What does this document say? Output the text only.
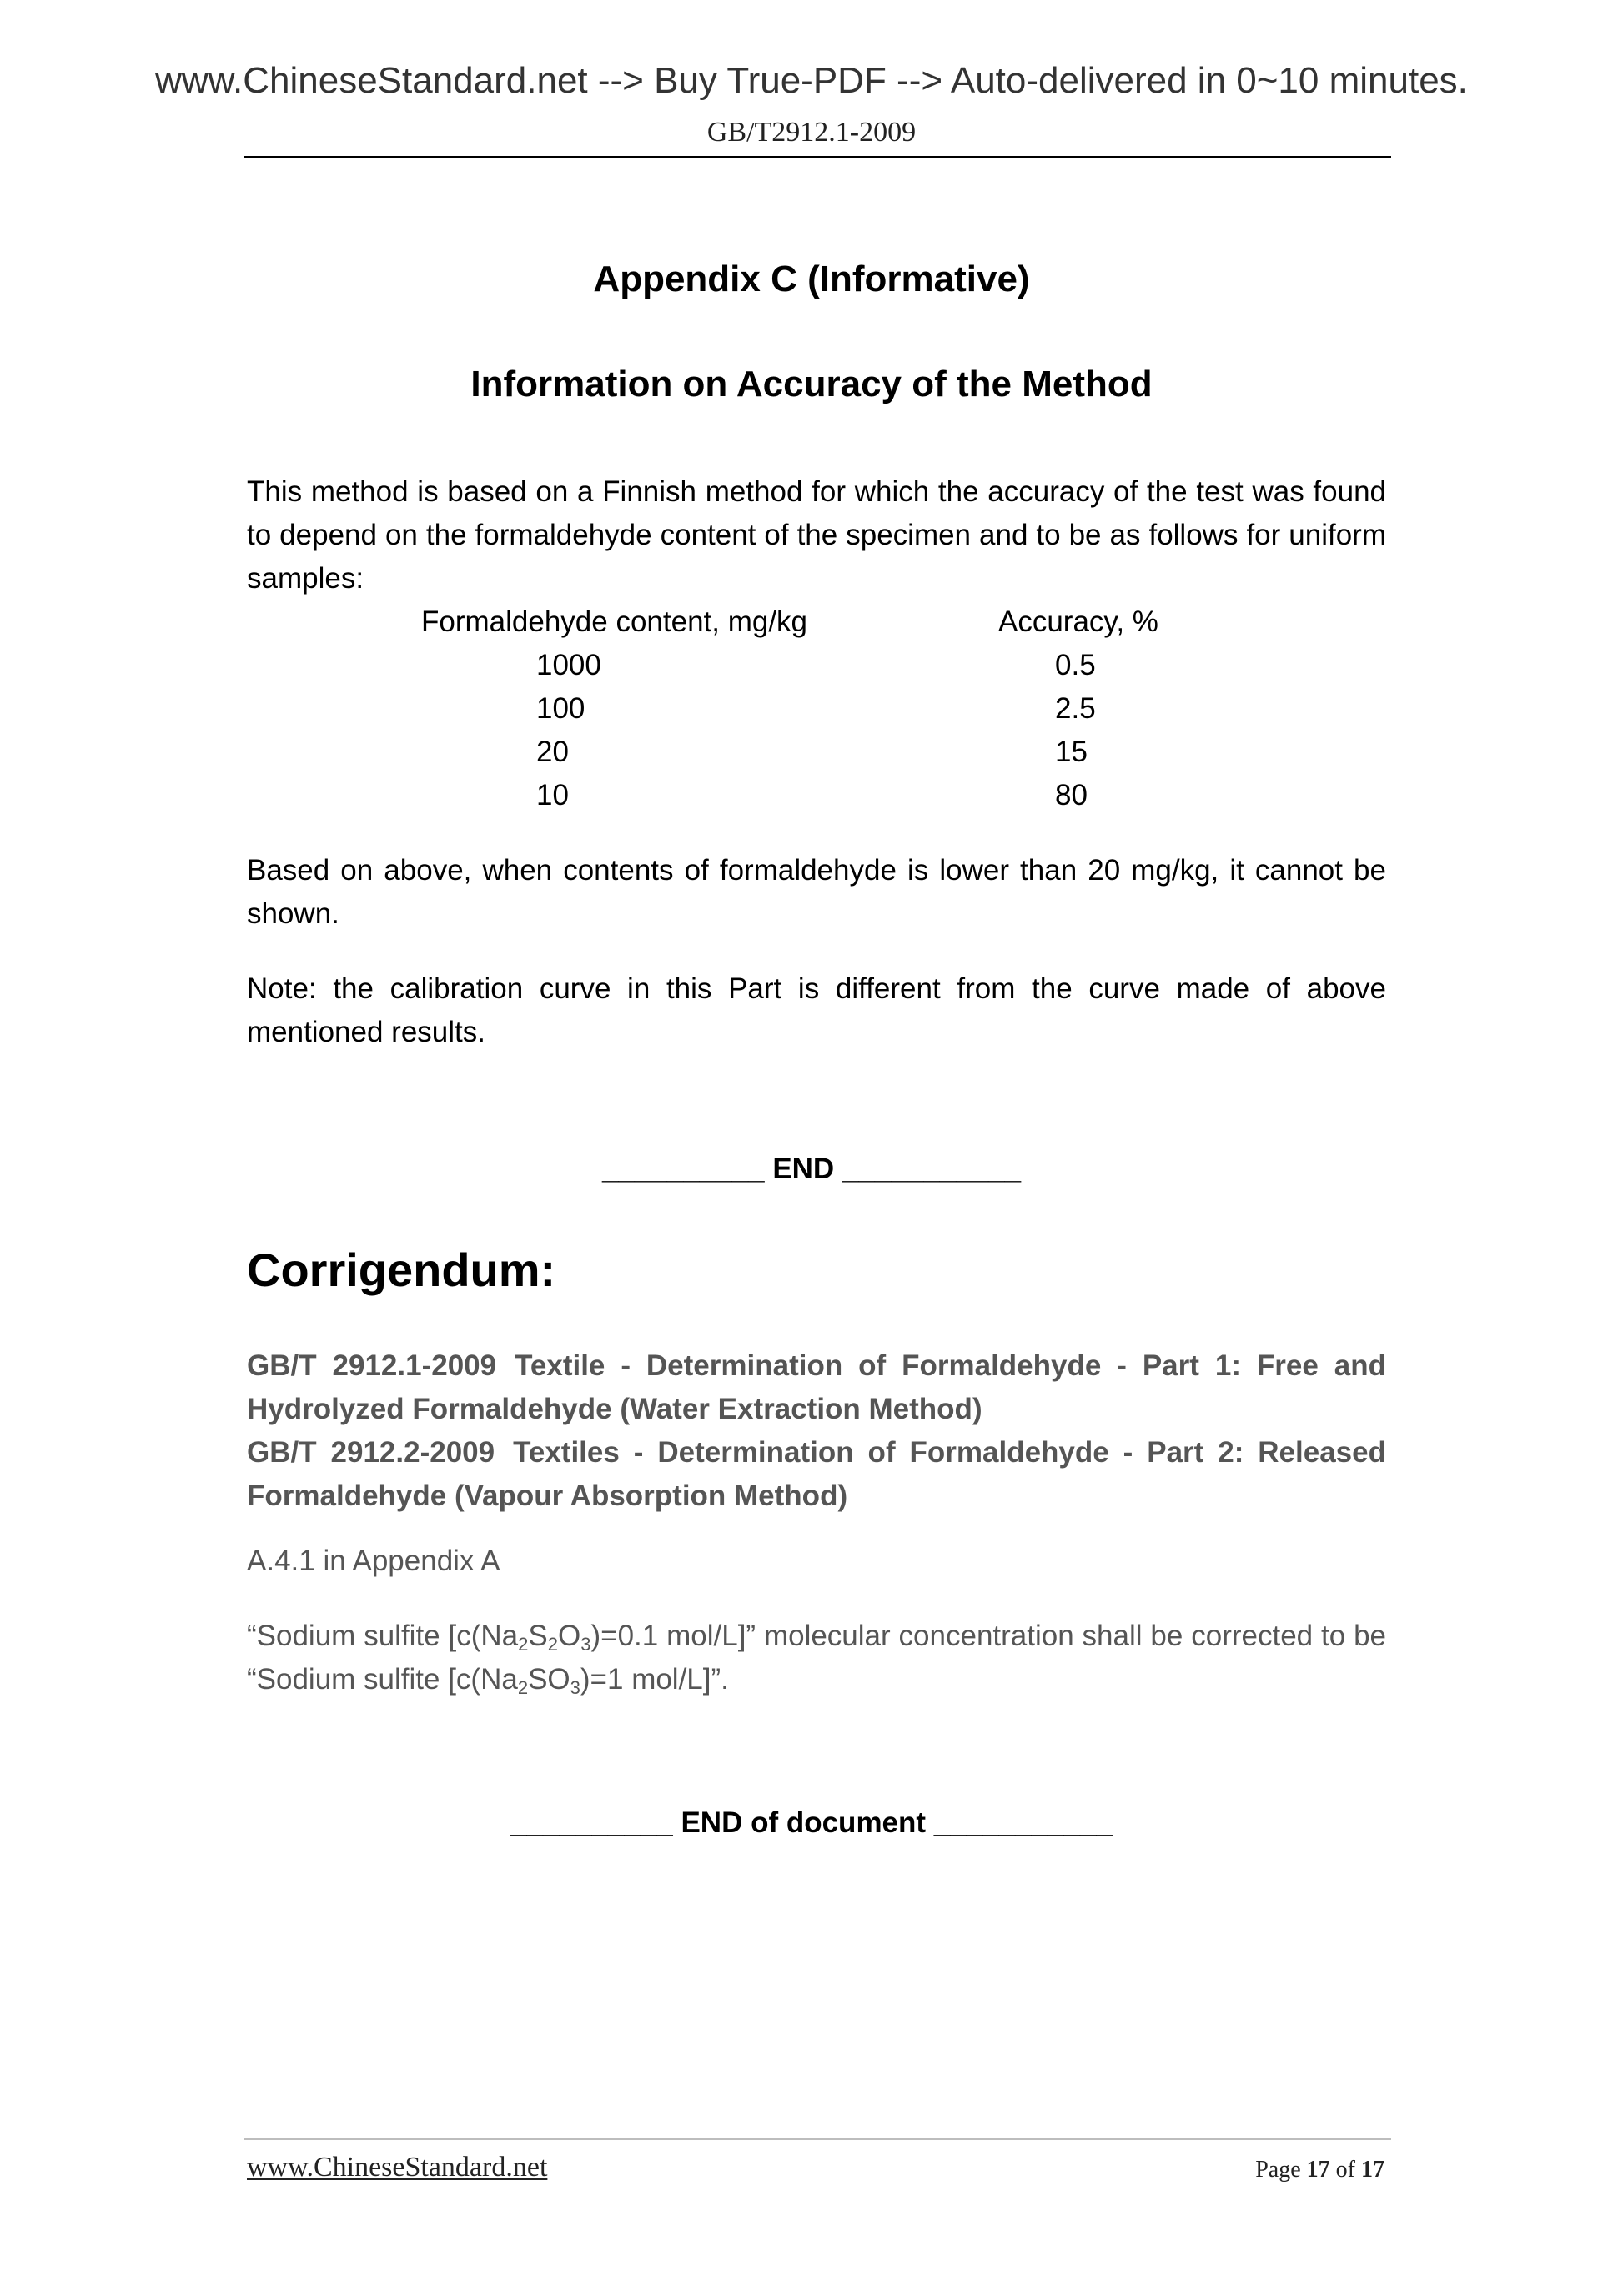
www.ChineseStandard.net --> Buy True-PDF --> Auto-delivered in 0~10 minutes.
GB/T2912.1-2009
Appendix C (Informative)
Information on Accuracy of the Method
This method is based on a Finnish method for which the accuracy of the test was found to depend on the formaldehyde content of the specimen and to be as follows for uniform samples:
Formaldehyde content, mg/kg	Accuracy, %
1000	0.5
100	2.5
20	15
10	80
Based on above, when contents of formaldehyde is lower than 20 mg/kg, it cannot be shown.
Note: the calibration curve in this Part is different from the curve made of above mentioned results.
__________ END ___________
Corrigendum:
GB/T 2912.1-2009 Textile - Determination of Formaldehyde - Part 1: Free and Hydrolyzed Formaldehyde (Water Extraction Method)
GB/T 2912.2-2009 Textiles - Determination of Formaldehyde - Part 2: Released Formaldehyde (Vapour Absorption Method)
A.4.1 in Appendix A
“Sodium sulfite [$c(Na_2S_2O_3)=0.1$ mol/L]” molecular concentration shall be corrected to be “Sodium sulfite [$c(Na_2SO_3)=1$ mol/L]”.
__________ END of document ___________
www.ChineseStandard.net	Page 17 of 17
